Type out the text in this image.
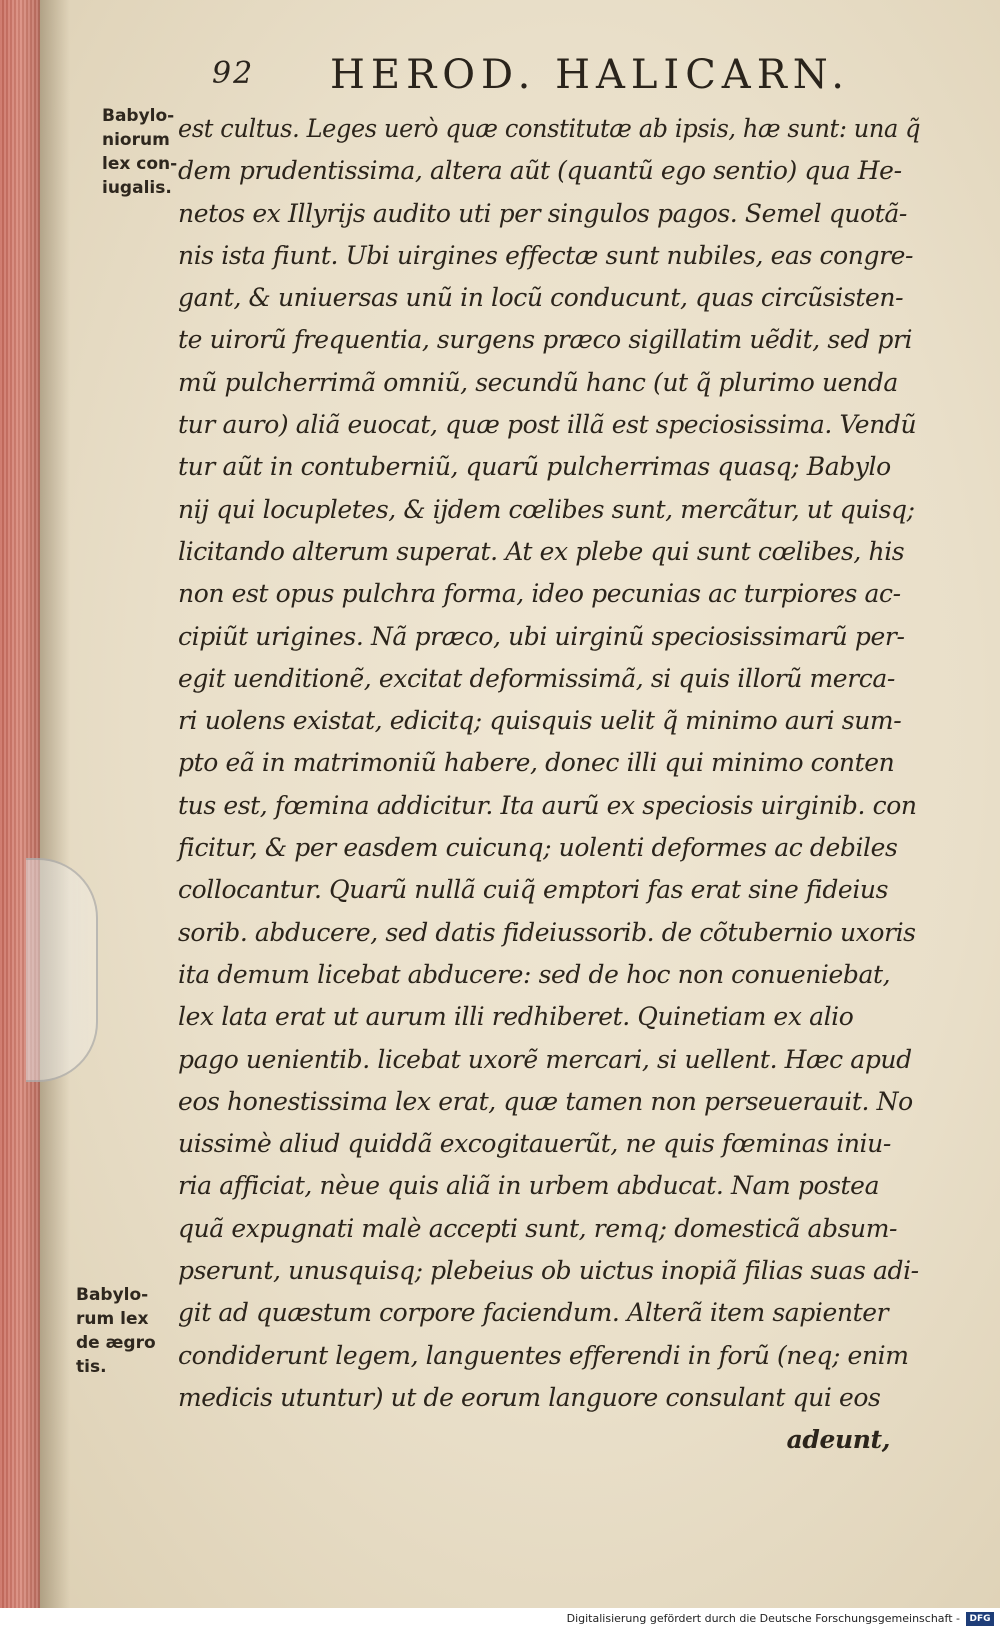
92 HEROD. HALICARN.
Babylo-
niorum
lex con-
iugalis.
Babylo-
rum lex
de ægro
tis.
est cultus. Leges uerò quæ constitutæ ab ipsis, hæ sunt: una q̃
dem prudentissima, altera aũt (quantũ ego sentio) qua He-
netos ex Illyrijs audito uti per singulos pagos. Semel quotã-
nis ista fiunt. Ubi uirgines effectæ sunt nubiles, eas congre-
gant, & uniuersas unũ in locũ conducunt, quas circũsisten-
te uirorũ frequentia, surgens præco sigillatim uẽdit, sed pri
mũ pulcherrimã omniũ, secundũ hanc (ut q̃ plurimo uenda
tur auro) aliã euocat, quæ post illã est speciosissima. Vendũ
tur aũt in contuberniũ, quarũ pulcherrimas quasq; Babylo
nij qui locupletes, & ijdem cœlibes sunt, mercãtur, ut quisq;
licitando alterum superat. At ex plebe qui sunt cœlibes, his
non est opus pulchra forma, ideo pecunias ac turpiores ac-
cipiũt urigines. Nã præco, ubi uirginũ speciosissimarũ per-
egit uenditionẽ, excitat deformissimã, si quis illorũ merca-
ri uolens existat, edicitq; quisquis uelit q̃ minimo auri sum-
pto eã in matrimoniũ habere, donec illi qui minimo conten
tus est, fœmina addicitur. Ita aurũ ex speciosis uirginib. con
ficitur, & per easdem cuicunq; uolenti deformes ac debiles
collocantur. Quarũ nullã cuiq̃ emptori fas erat sine fideius
sorib. abducere, sed datis fideiussorib. de cõtubernio uxoris
ita demum licebat abducere: sed de hoc non conueniebat,
lex lata erat ut aurum illi redhiberet. Quinetiam ex alio
pago uenientib. licebat uxorẽ mercari, si uellent. Hæc apud
eos honestissima lex erat, quæ tamen non perseuerauit. No
uissimè aliud quiddã excogitauerũt, ne quis fœminas iniu-
ria afficiat, nèue quis aliã in urbem abducat. Nam postea
quã expugnati malè accepti sunt, remq; domesticã absum-
pserunt, unusquisq; plebeius ob uictus inopiã filias suas adi-
git ad quæstum corpore faciendum. Alterã item sapienter
condiderunt legem, languentes efferendi in forũ (neq; enim
medicis utuntur) ut de eorum languore consulant qui eos
adeunt,
Digitalisierung gefördert durch die Deutsche Forschungsgemeinschaft -	DFG
